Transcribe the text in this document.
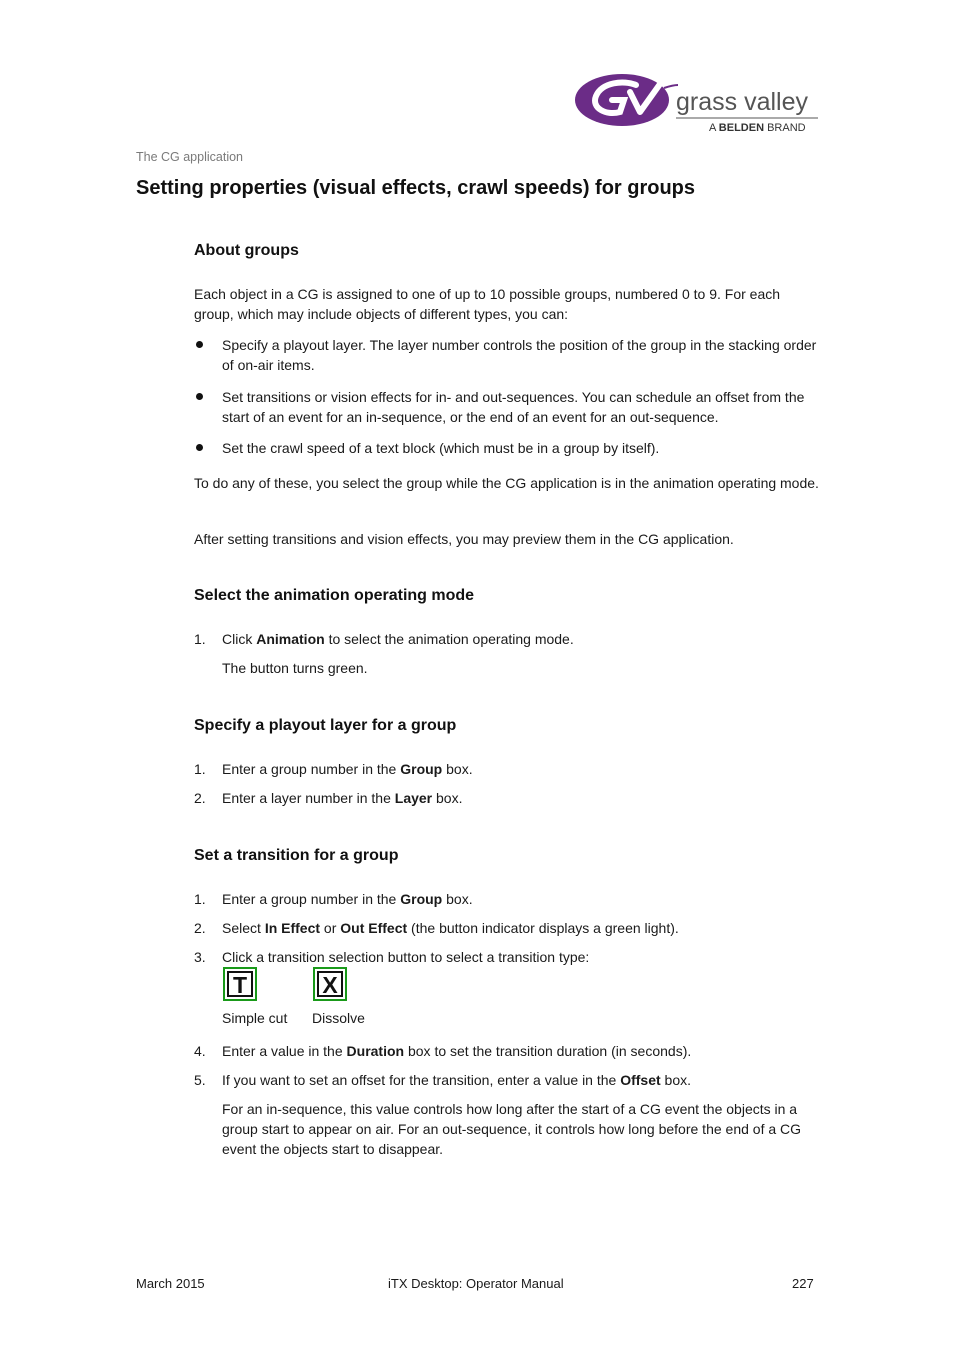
grass valley
A BELDEN BRAND
The CG application
Setting properties (visual effects, crawl speeds) for groups
About groups
Each object in a CG is assigned to one of up to 10 possible groups, numbered 0 to 9. For each group, which may include objects of different types, you can:
Specify a playout layer. The layer number controls the position of the group in the stacking order of on-air items.
Set transitions or vision effects for in- and out-sequences. You can schedule an offset from the start of an event for an in-sequence, or the end of an event for an out-sequence.
Set the crawl speed of a text block (which must be in a group by itself).
To do any of these, you select the group while the CG application is in the animation operating mode.
After setting transitions and vision effects, you may preview them in the CG application.
Select the animation operating mode
1. Click Animation to select the animation operating mode.
The button turns green.
Specify a playout layer for a group
1. Enter a group number in the Group box.
2. Enter a layer number in the Layer box.
Set a transition for a group
1. Enter a group number in the Group box.
2. Select In Effect or Out Effect (the button indicator displays a green light).
3. Click a transition selection button to select a transition type:
T	X
Simple cut Dissolve
4. Enter a value in the Duration box to set the transition duration (in seconds).
5. If you want to set an offset for the transition, enter a value in the Offset box.
For an in-sequence, this value controls how long after the start of a CG event the objects in a group start to appear on air. For an out-sequence, it controls how long before the end of a CG event the objects start to disappear.
March 2015	iTX Desktop: Operator Manual	227
